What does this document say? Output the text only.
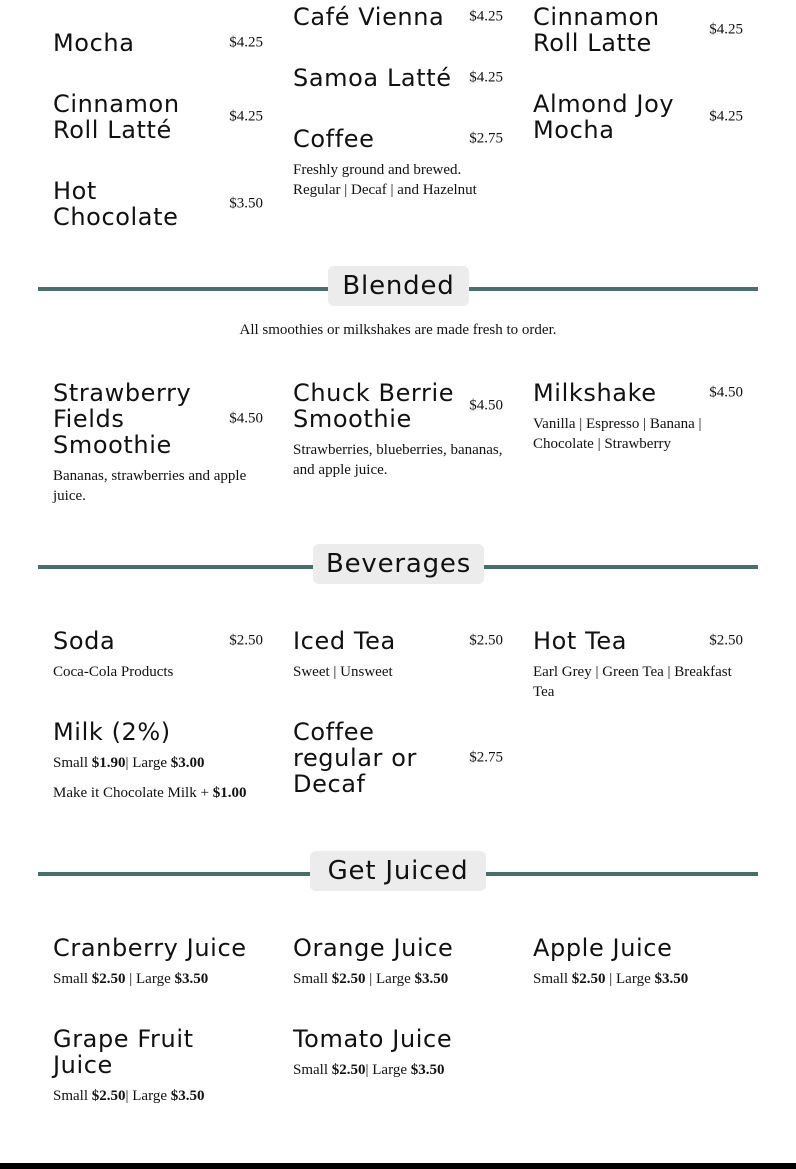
Mocha	$4.25
Cinnamon Roll Latté	$4.25
Hot Chocolate	$3.50
Café Vienna	$4.25
Samoa Latté	$4.25
Coffee	$2.75
Freshly ground and brewed. Regular | Decaf | and Hazelnut
Cinnamon Roll Latte	$4.25
Almond Joy Mocha	$4.25
Blended
All smoothies or milkshakes are made fresh to order.
Strawberry Fields Smoothie
$4.50
Bananas, strawberries and apple juice.
Chuck Berrie Smoothie	$4.50
Strawberries, blueberries, bananas, and apple juice.
Milkshake	$4.50
Vanilla | Espresso | Banana | Chocolate | Strawberry
Beverages
Soda	$2.50
Coca-Cola Products
Iced Tea	$2.50
Sweet | Unsweet
Hot Tea	$2.50
Earl Grey | Green Tea | Breakfast Tea
Milk (2%)
Small $1.90| Large $3.00
Make it Chocolate Milk + $1.00
Coffee regular or Decaf
$2.75
Get Juiced
Cranberry Juice
Small $2.50 | Large $3.50
Orange Juice
Small $2.50 | Large $3.50
Apple Juice
Small $2.50 | Large $3.50
Grape Fruit Juice
Small $2.50| Large $3.50
Tomato Juice
Small $2.50| Large $3.50
